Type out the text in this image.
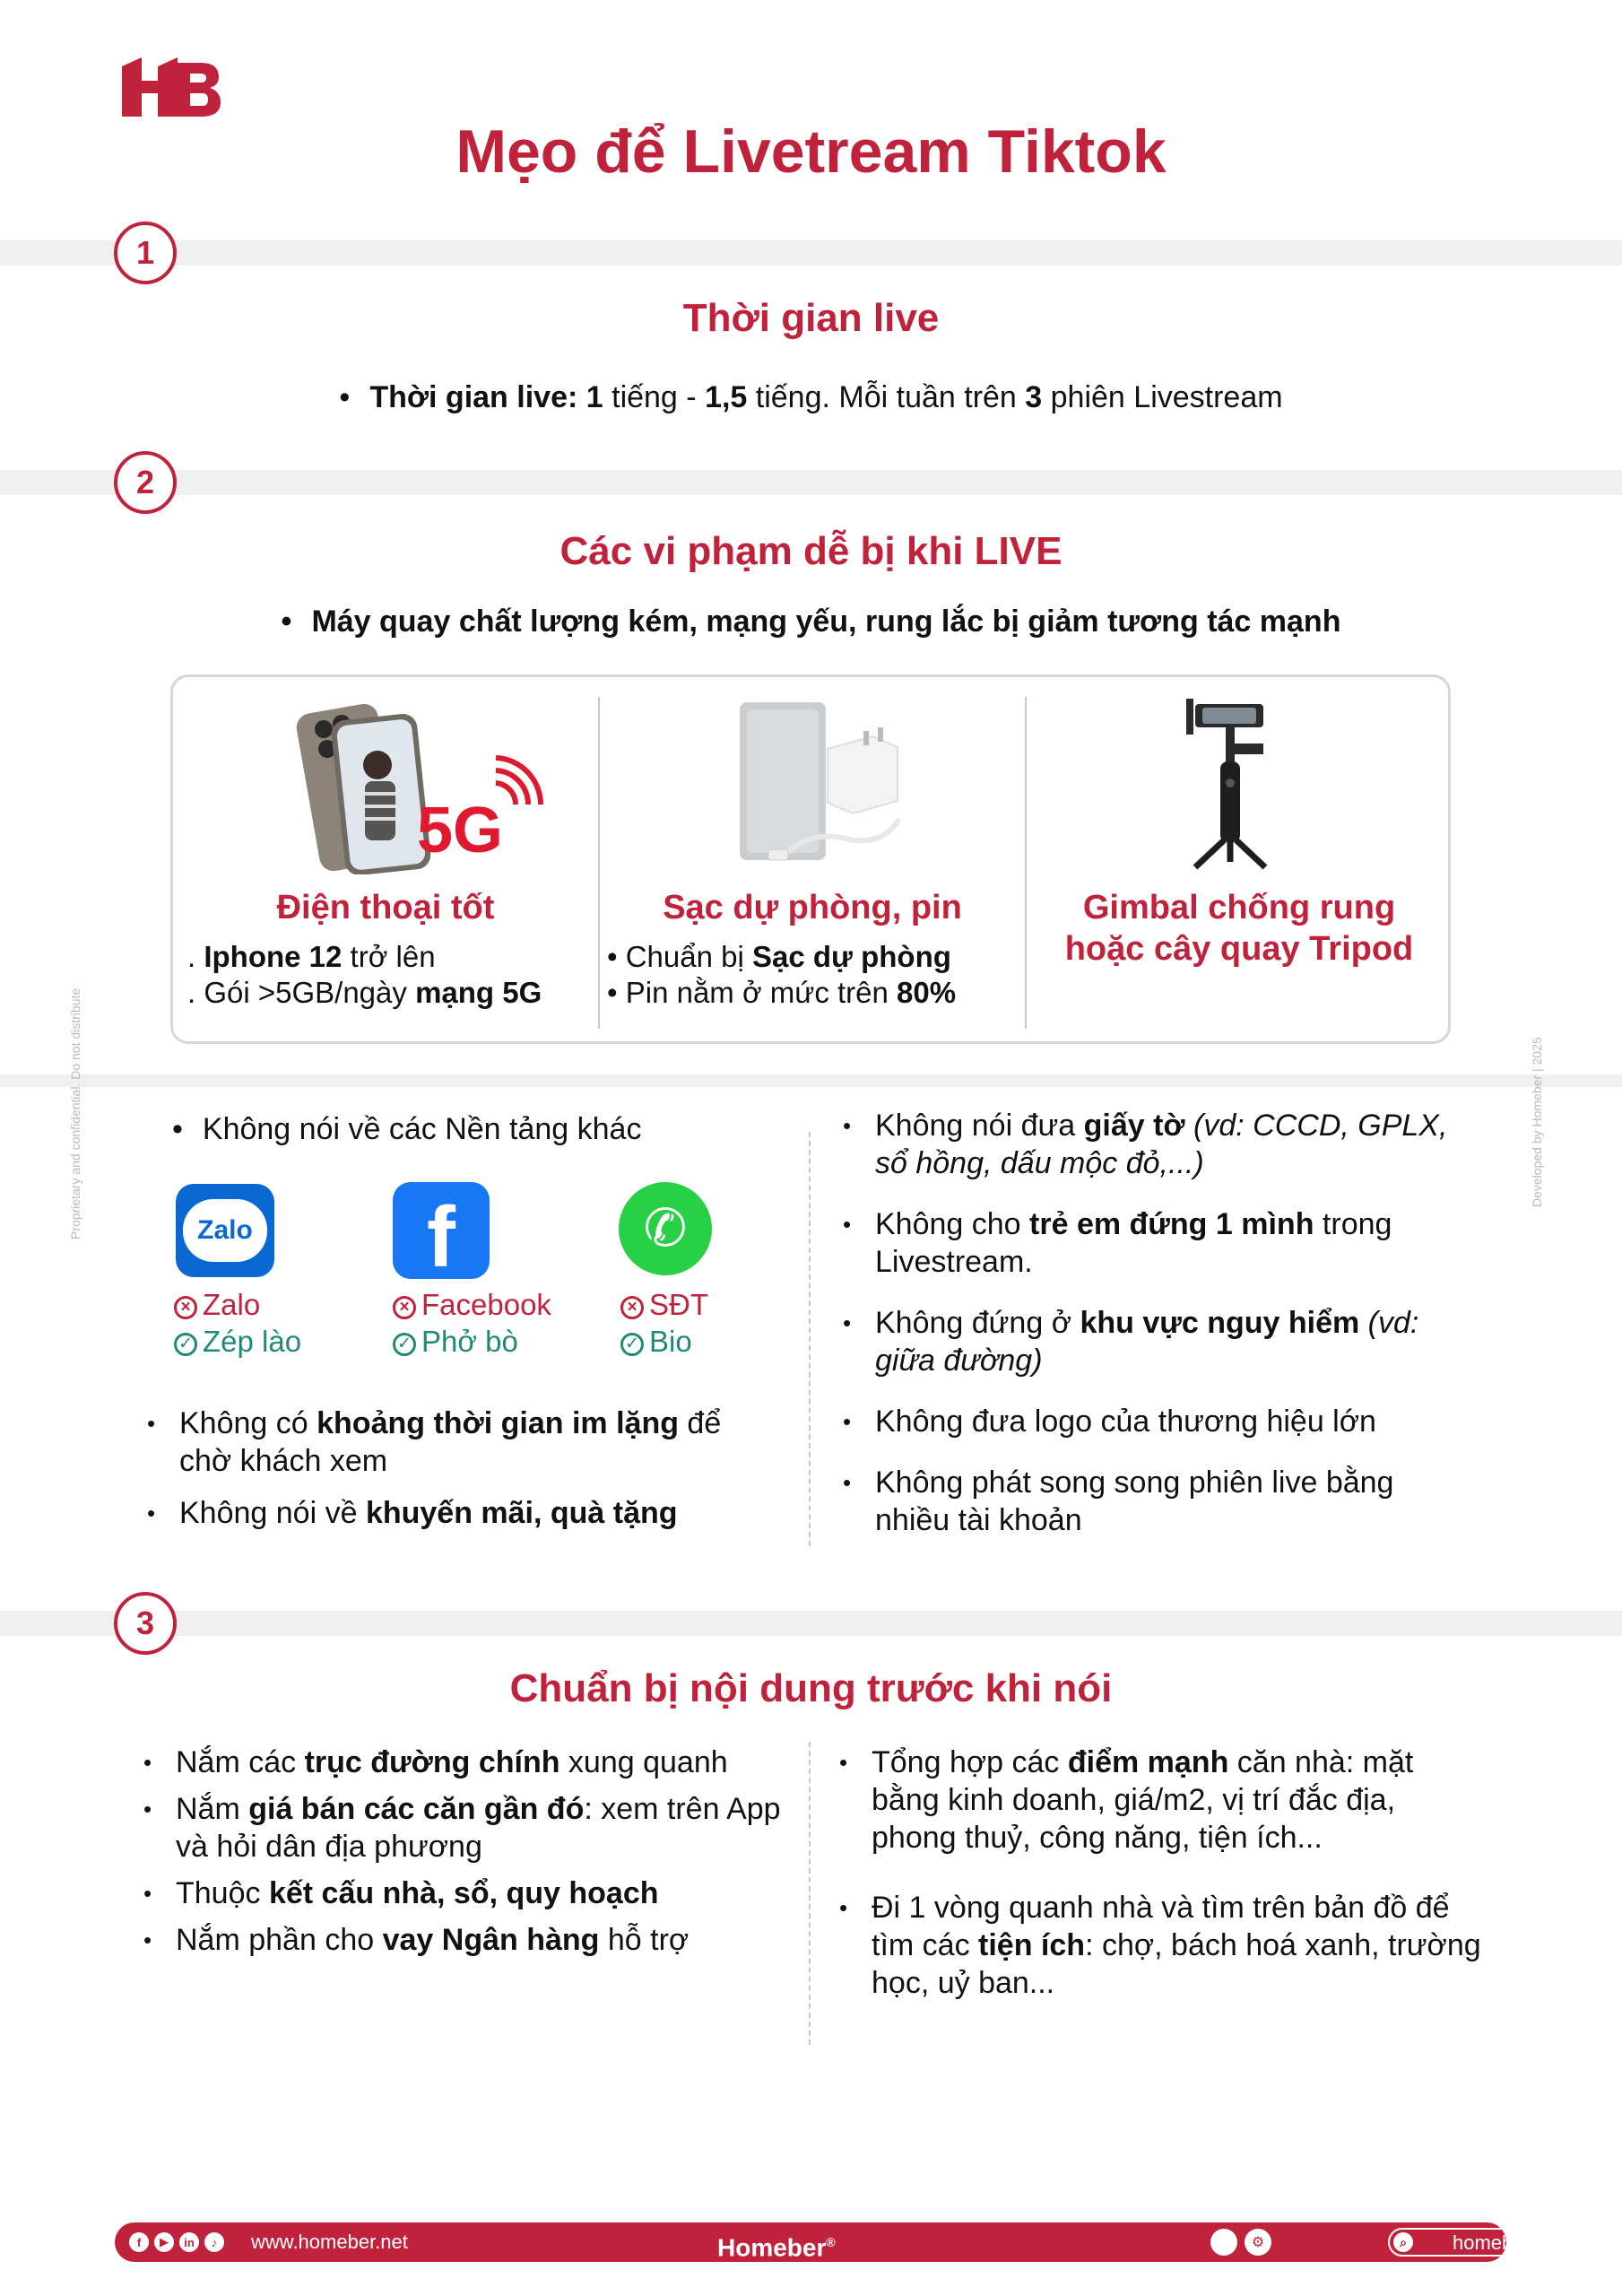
Mẹo để Livetream Tiktok
1
Thời gian live
• Thời gian live: 1 tiếng - 1,5 tiếng. Mỗi tuần trên 3 phiên Livestream
2
Các vi phạm dễ bị khi LIVE
• Máy quay chất lượng kém, mạng yếu, rung lắc bị giảm tương tác mạnh
5G
Điện thoại tốt
. Iphone 12 trở lên
. Gói >5GB/ngày mạng 5G
Sạc dự phòng, pin
• Chuẩn bị Sạc dự phòng
• Pin nằm ở mức trên 80%
Gimbal chống rung
hoặc cây quay Tripod
• Không nói về các Nền tảng khác
Zalo	f	✆
× Zalo
✓ Zép lào
× Facebook
✓ Phở bò
× SĐT
✓ Bio
• Không có khoảng thời gian im lặng để chờ khách xem
• Không nói về khuyến mãi, quà tặng
• Không nói đưa giấy tờ (vd: CCCD, GPLX, sổ hồng, dấu mộc đỏ,...)
• Không cho trẻ em đứng 1 mình trong Livestream.
• Không đứng ở khu vực nguy hiểm (vd: giữa đường)
• Không đưa logo của thương hiệu lớn
• Không phát song song phiên live bằng nhiều tài khoản
3
Chuẩn bị nội dung trước khi nói
• Nắm các trục đường chính xung quanh
• Nắm giá bán các căn gần đó: xem trên App và hỏi dân địa phương
• Thuộc kết cấu nhà, sổ, quy hoạch
• Nắm phần cho vay Ngân hàng hỗ trợ
• Tổng hợp các điểm mạnh căn nhà: mặt bằng kinh doanh, giá/m2, vị trí đắc địa, phong thuỷ, công năng, tiện ích...
• Đi 1 vòng quanh nhà và tìm trên bản đồ để tìm các tiện ích: chợ, bách hoá xanh, trường học, uỷ ban...
Proprietary and confidential. Do not distribute	Developed by Homeber | 2025
f	▶	in	♪	www.homeber.net	Homeber®	⚙	⌕	homeber
